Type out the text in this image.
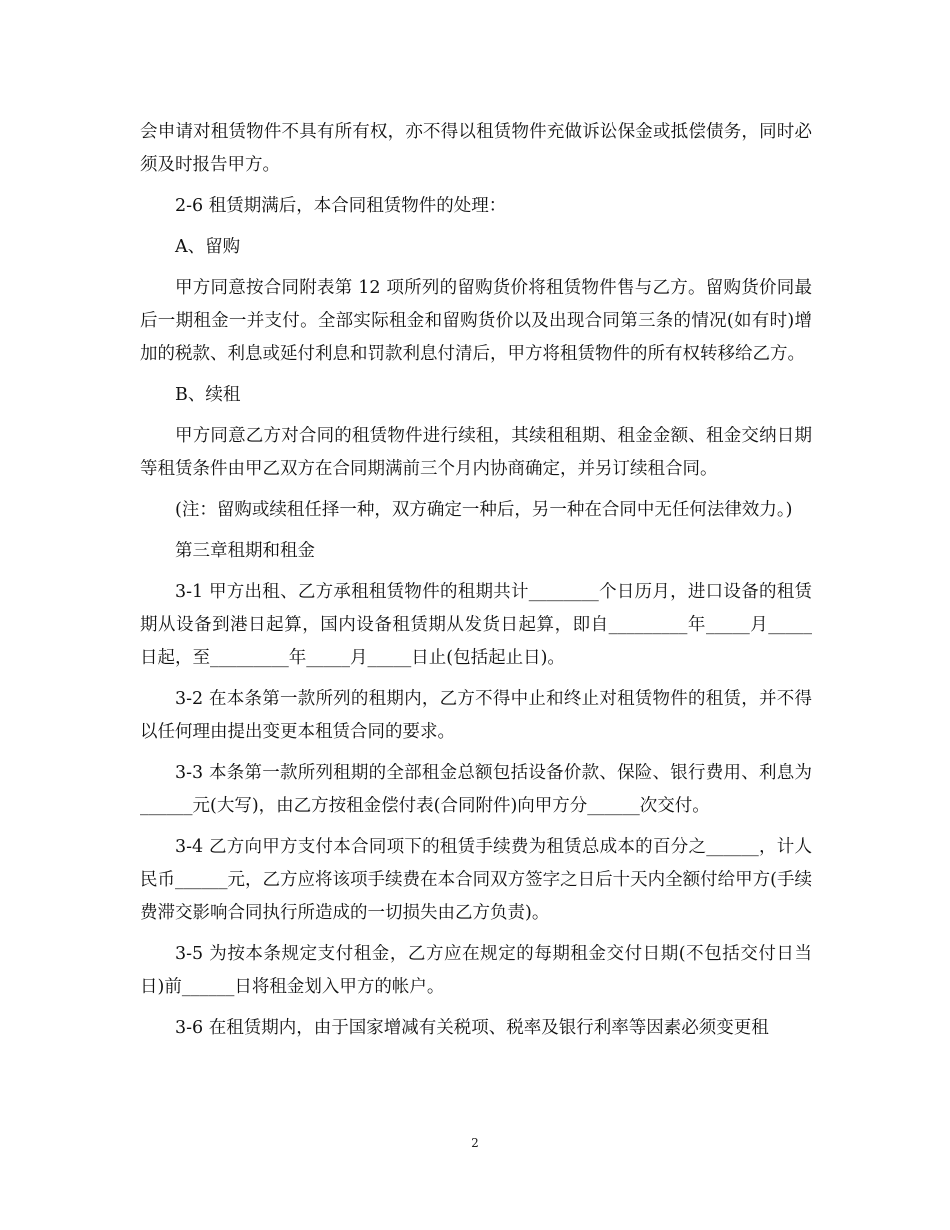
会申请对租赁物件不具有所有权，亦不得以租赁物件充做诉讼保金或抵偿债务，同时必须及时报告甲方。

2-6 租赁期满后，本合同租赁物件的处理：

A、留购

甲方同意按合同附表第 12 项所列的留购货价将租赁物件售与乙方。留购货价同最后一期租金一并支付。全部实际租金和留购货价以及出现合同第三条的情况(如有时)增加的税款、利息或延付利息和罚款利息付清后，甲方将租赁物件的所有权转移给乙方。

B、续租

甲方同意乙方对合同的租赁物件进行续租，其续租租期、租金金额、租金交纳日期等租赁条件由甲乙双方在合同期满前三个月内协商确定，并另订续租合同。

(注：留购或续租任择一种，双方确定一种后，另一种在合同中无任何法律效力。)

第三章租期和租金

3-1 甲方出租、乙方承租租赁物件的租期共计________个日历月，进口设备的租赁期从设备到港日起算，国内设备租赁期从发货日起算，即自_________年_____月_____日起，至_________年_____月_____日止(包括起止日)。

3-2 在本条第一款所列的租期内，乙方不得中止和终止对租赁物件的租赁，并不得以任何理由提出变更本租赁合同的要求。

3-3 本条第一款所列租期的全部租金总额包括设备价款、保险、银行费用、利息为______元(大写)，由乙方按租金偿付表(合同附件)向甲方分______次交付。

3-4 乙方向甲方支付本合同项下的租赁手续费为租赁总成本的百分之______，计人民币______元，乙方应将该项手续费在本合同双方签字之日后十天内全额付给甲方(手续费滞交影响合同执行所造成的一切损失由乙方负责)。

3-5 为按本条规定支付租金，乙方应在规定的每期租金交付日期(不包括交付日当日)前______日将租金划入甲方的帐户。

3-6 在租赁期内，由于国家增减有关税项、税率及银行利率等因素必须变更租

2
